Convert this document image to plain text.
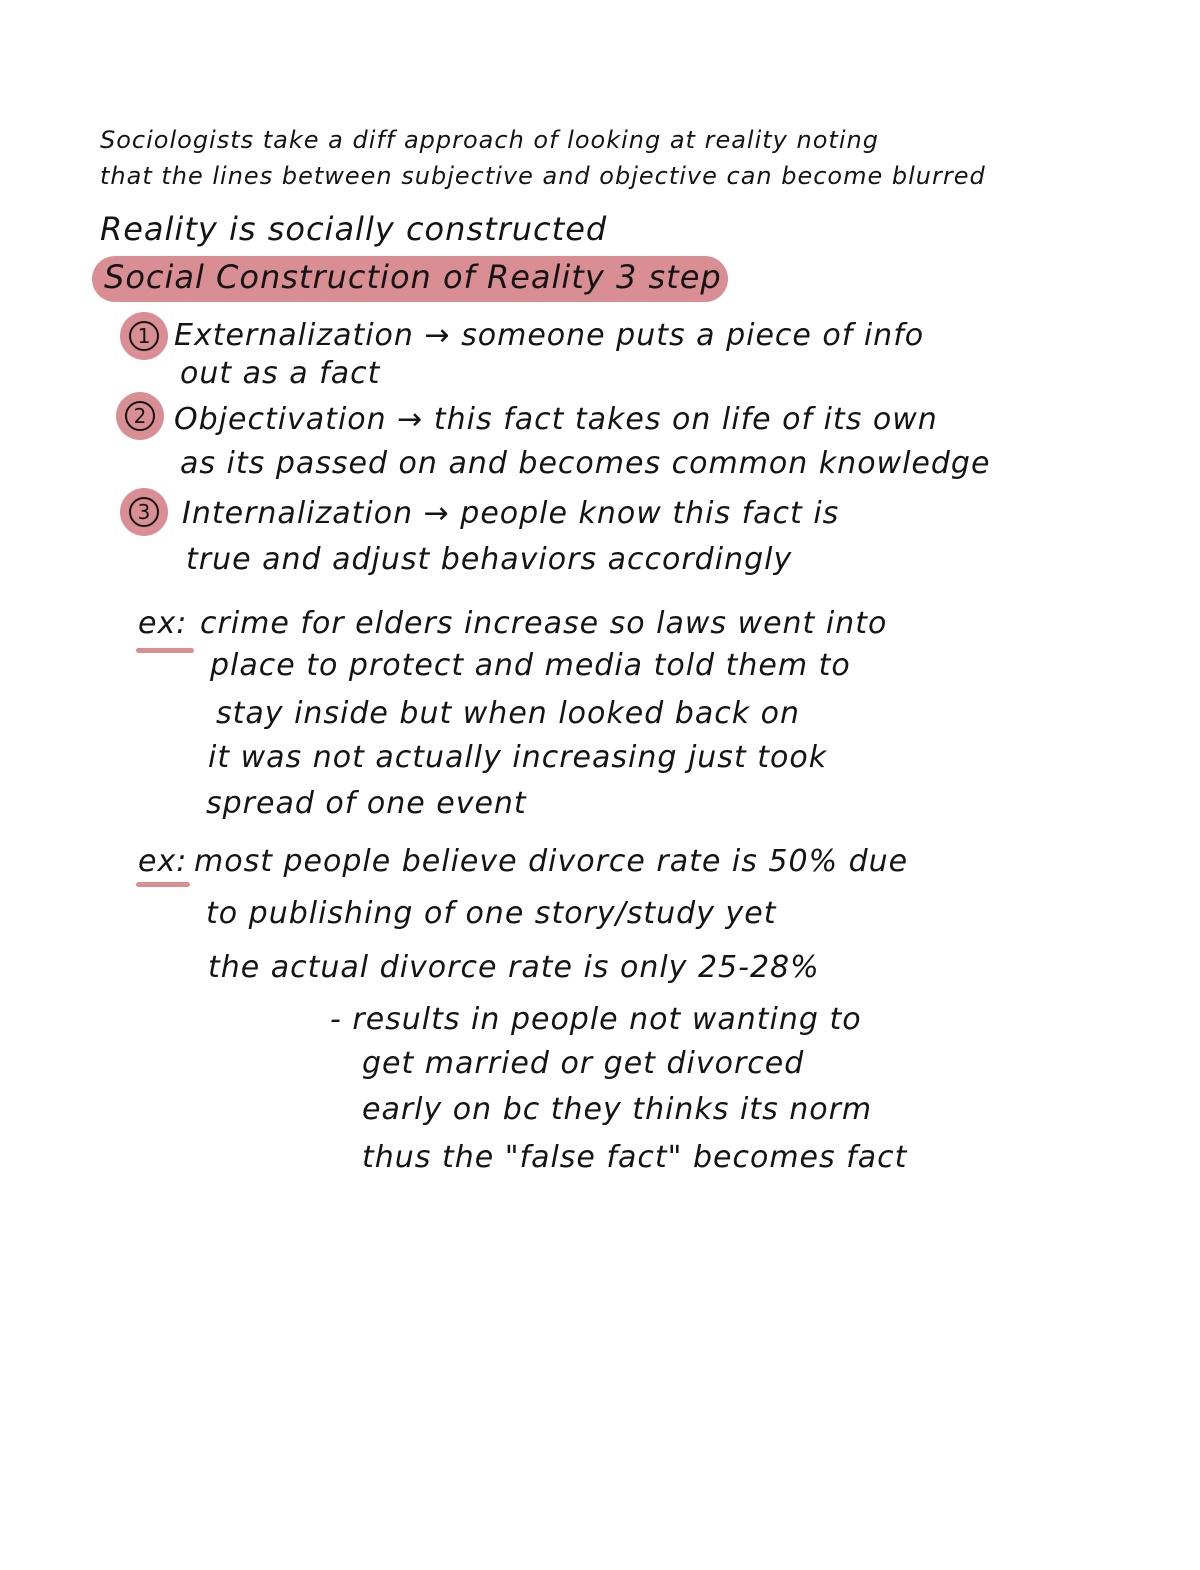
Sociologists take a diff approach of looking at reality noting
that the lines between subjective and objective can become blurred
Reality is socially constructed
Social Construction of Reality 3 step
1 Externalization → someone puts a piece of info
out as a fact
2 Objectivation → this fact takes on life of its own
as its passed on and becomes common knowledge
3 Internalization → people know this fact is
true and adjust behaviors accordingly
ex: crime for elders increase so laws went into
place to protect and media told them to
stay inside but when looked back on
it was not actually increasing just took
spread of one event
ex: most people believe divorce rate is 50% due
to publishing of one story/study yet
the actual divorce rate is only 25-28%
- results in people not wanting to
get married or get divorced
early on bc they thinks its norm
thus the "false fact" becomes fact
